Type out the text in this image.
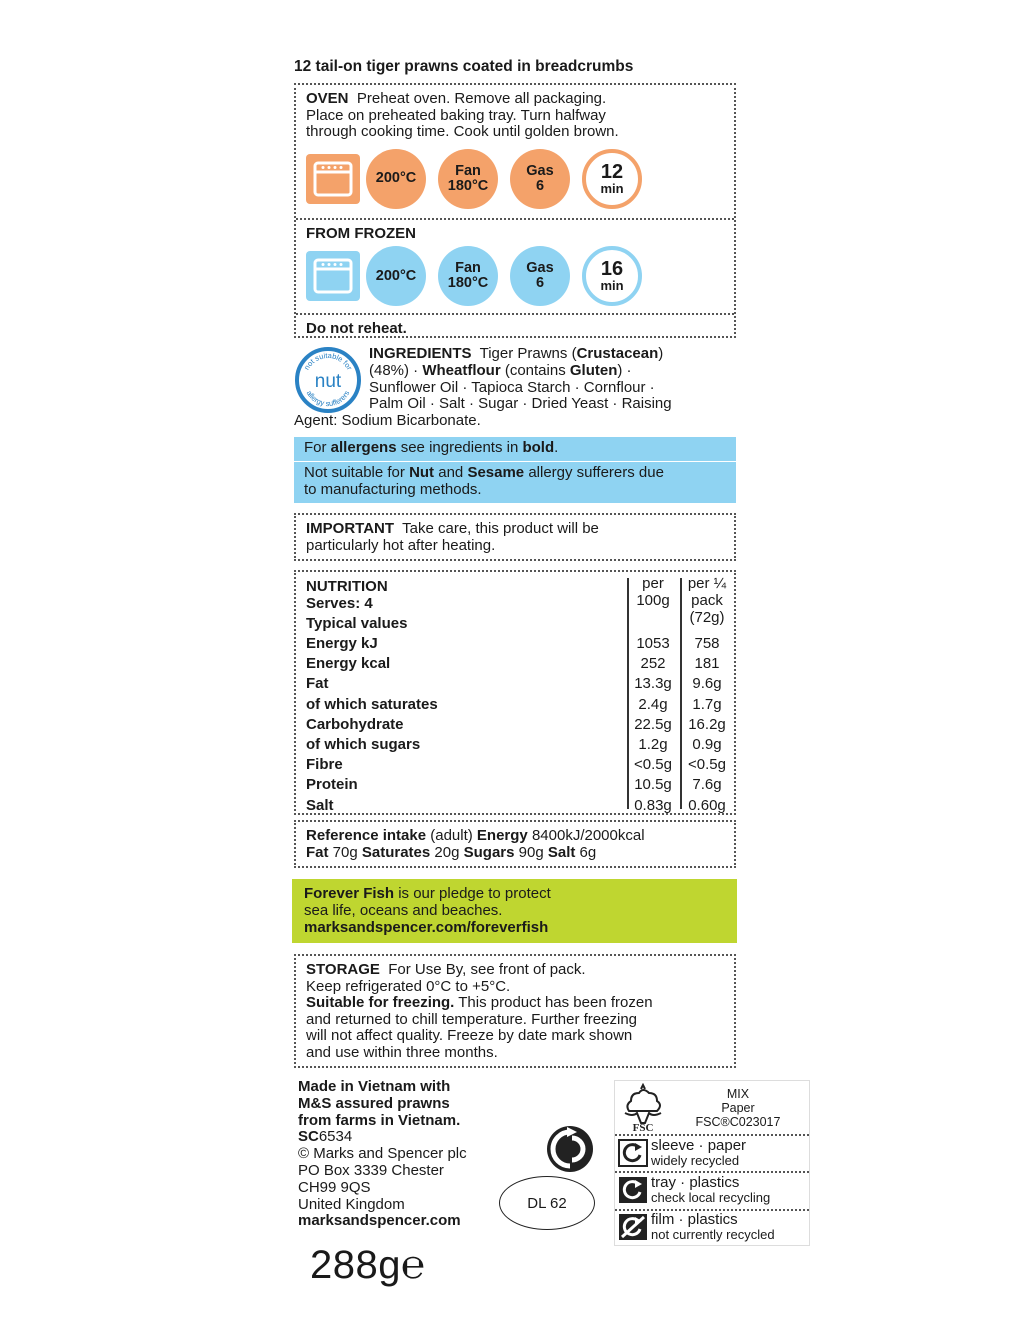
12 tail-on tiger prawns coated in breadcrumbs
OVEN Preheat oven. Remove all packaging.
Place on preheated baking tray. Turn halfway
through cooking time. Cook until golden brown.
200°C	Fan
180°C
Gas
6
12
min
FROM FROZEN
200°C	Fan
180°C
Gas
6
16
min
Do not reheat.
not suitable for
nut
allergy sufferers
INGREDIENTS Tiger Prawns (Crustacean)
(48%) · Wheatflour (contains Gluten) ·
Sunflower Oil · Tapioca Starch · Cornflour ·
Palm Oil · Salt · Sugar · Dried Yeast · Raising
Agent: Sodium Bicarbonate.
For allergens see ingredients in bold.
Not suitable for Nut and Sesame allergy sufferers due
to manufacturing methods.
IMPORTANT Take care, this product will be
particularly hot after heating.
NUTRITION
Serves: 4
Typical values
per
100g
per ¼
pack
(72g)
Energy kJ	1053	758
Energy kcal	252	181
Fat	13.3g	9.6g
of which saturates	2.4g	1.7g
Carbohydrate	22.5g	16.2g
of which sugars	1.2g	0.9g
Fibre	<0.5g	<0.5g
Protein	10.5g	7.6g
Salt	0.83g	0.60g
Reference intake (adult) Energy 8400kJ/2000kcal
Fat 70g Saturates 20g Sugars 90g Salt 6g
Forever Fish is our pledge to protect
sea life, oceans and beaches.
marksandspencer.com/foreverfish
STORAGE For Use By, see front of pack.
Keep refrigerated 0°C to +5°C.
Suitable for freezing. This product has been frozen
and returned to chill temperature. Further freezing
will not affect quality. Freeze by date mark shown
and use within three months.
Made in Vietnam with
M&S assured prawns
from farms in Vietnam.
SC6534
© Marks and Spencer plc
PO Box 3339 Chester
CH99 9QS
United Kingdom
marksandspencer.com
DL 62
FSC
MIX
Paper
FSC®C023017
sleeve · paper
widely recycled
tray · plastics
check local recycling
film · plastics
not currently recycled
288g℮
